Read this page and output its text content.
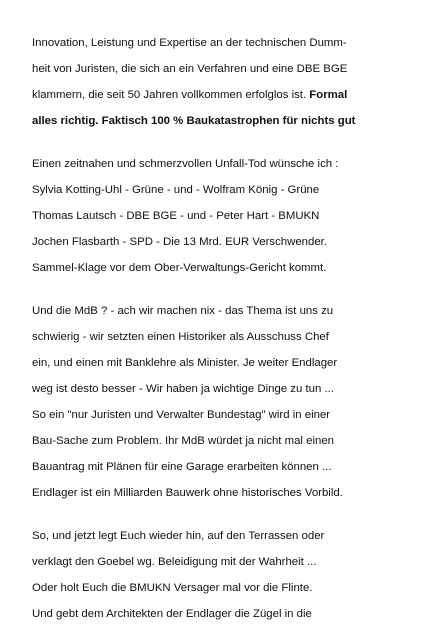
Innovation, Leistung und Expertise an der technischen Dumm-
heit von Juristen, die sich an ein Verfahren und eine DBE BGE
klammern, die seit 50 Jahren vollkommen erfolglos ist. Formal
alles richtig. Faktisch 100 % Baukatastrophen für nichts gut
Einen zeitnahen und schmerzvollen Unfall-Tod wünsche ich :
Sylvia Kotting-Uhl - Grüne - und - Wolfram König - Grüne
Thomas Lautsch - DBE BGE - und - Peter Hart - BMUKN
Jochen Flasbarth - SPD - Die 13 Mrd. EUR Verschwender.
Sammel-Klage vor dem Ober-Verwaltungs-Gericht kommt.
Und die MdB ? - ach wir machen nix - das Thema ist uns zu
schwierig - wir setzten einen Historiker als Ausschuss Chef
ein, und einen mit Banklehre als Minister. Je weiter Endlager
weg ist desto besser - Wir haben ja wichtige Dinge zu tun ...
So ein "nur Juristen und Verwalter Bundestag" wird in einer
Bau-Sache zum Problem. Ihr MdB würdet ja nicht mal einen
Bauantrag mit Plänen für eine Garage erarbeiten können ...
Endlager ist ein Milliarden Bauwerk ohne historisches Vorbild.
So, und jetzt legt Euch wieder hin, auf den Terrassen oder
verklagt den Goebel wg. Beleidigung mit der Wahrheit ...
Oder holt Euch die BMUKN Versager mal vor die Flinte.
Und gebt dem Architekten der Endlager die Zügel in die
